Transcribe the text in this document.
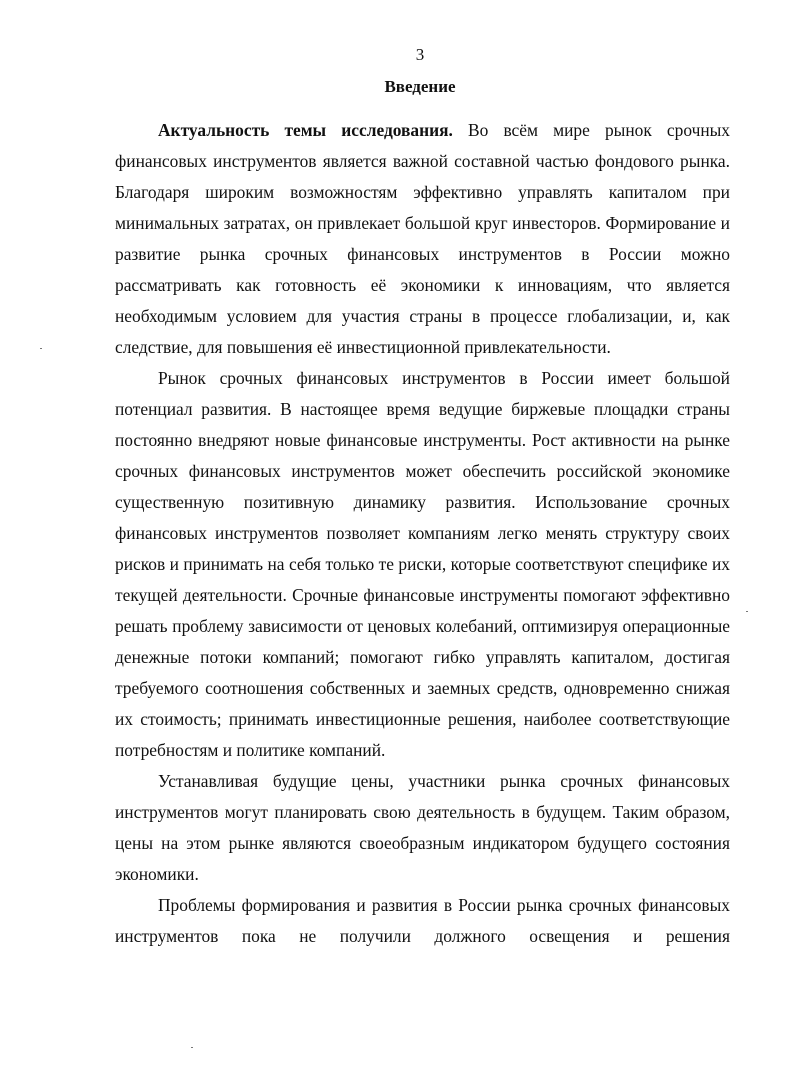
3
Введение

Актуальность темы исследования. Во всём мире рынок срочных финансовых инструментов является важной составной частью фондового рынка. Благодаря широким возможностям эффективно управлять капиталом при минимальных затратах, он привлекает большой круг инвесторов. Формирование и развитие рынка срочных финансовых инструментов в России можно рассматривать как готовность её экономики к инновациям, что является необходимым условием для участия страны в процессе глобализации, и, как следствие, для повышения её инвестиционной привлекательности.

Рынок срочных финансовых инструментов в России имеет большой потенциал развития. В настоящее время ведущие биржевые площадки страны постоянно внедряют новые финансовые инструменты. Рост активности на рынке срочных финансовых инструментов может обеспечить российской экономике существенную позитивную динамику развития. Использование срочных финансовых инструментов позволяет компаниям легко менять структуру своих рисков и принимать на себя только те риски, которые соответствуют специфике их текущей деятельности. Срочные финансовые инструменты помогают эффективно решать проблему зависимости от ценовых колебаний, оптимизируя операционные денежные потоки компаний; помогают гибко управлять капиталом, достигая требуемого соотношения собственных и заемных средств, одновременно снижая их стоимость; принимать инвестиционные решения, наиболее соответствующие потребностям и политике компаний.

Устанавливая будущие цены, участники рынка срочных финансовых инструментов могут планировать свою деятельность в будущем. Таким образом, цены на этом рынке являются своеобразным индикатором будущего состояния экономики.

Проблемы формирования и развития в России рынка срочных финансовых инструментов пока не получили должного освещения и решения
